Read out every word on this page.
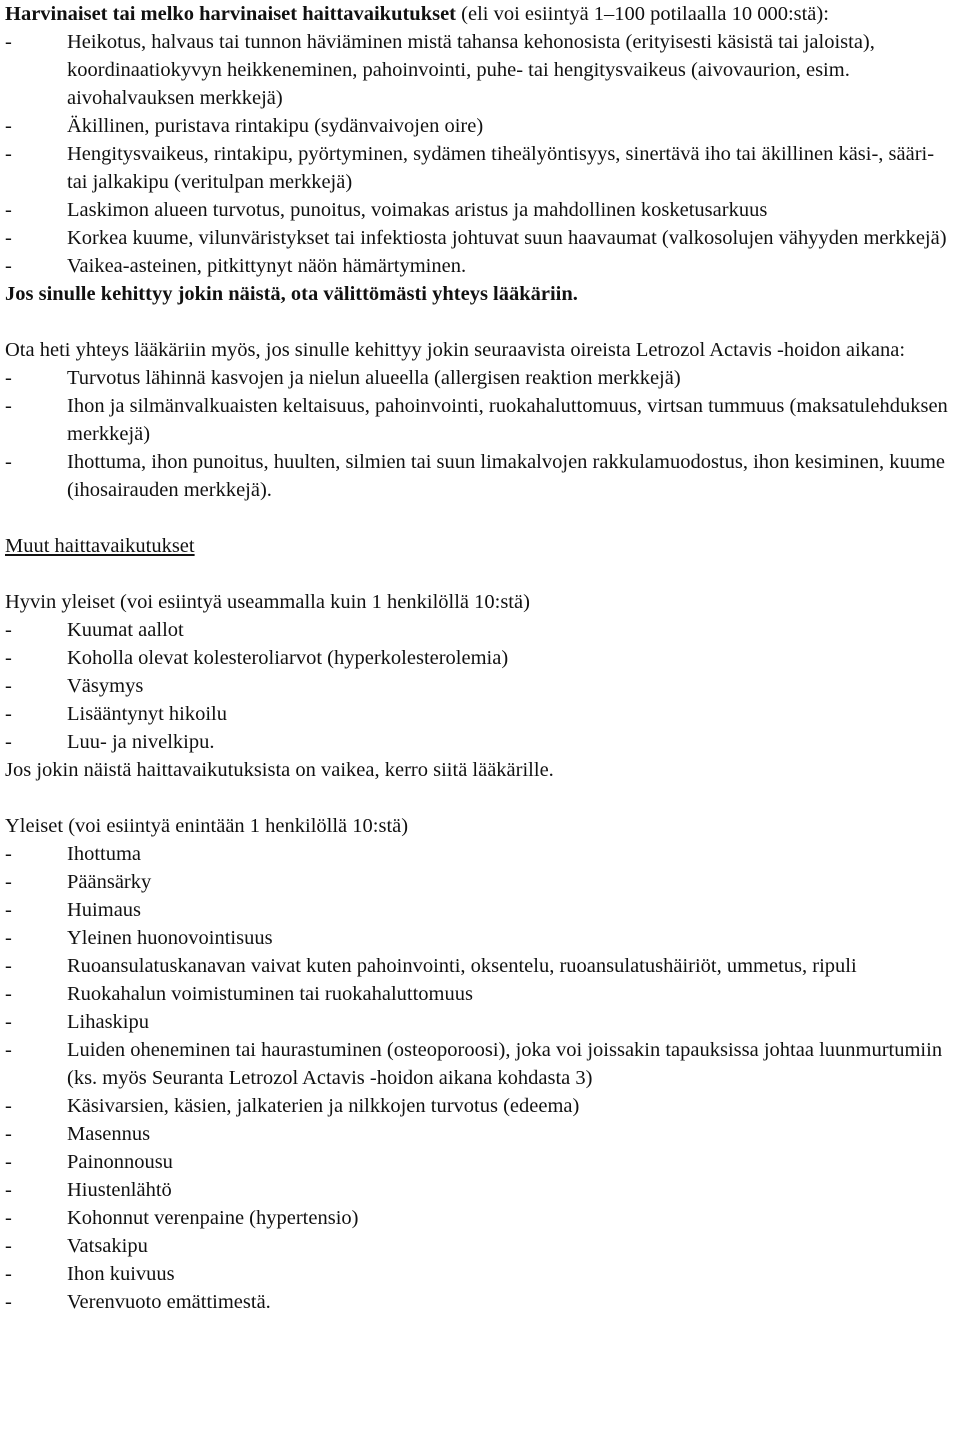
Harvinaiset tai melko harvinaiset haittavaikutukset (eli voi esiintyä 1–100 potilaalla 10 000:stä):

-	Heikotus, halvaus tai tunnon häviäminen mistä tahansa kehonosista (erityisesti käsistä tai jaloista), koordinaatiokyvyn heikkeneminen, pahoinvointi, puhe- tai hengitysvaikeus (aivovaurion, esim. aivohalvauksen merkkejä)

-	Äkillinen, puristava rintakipu (sydänvaivojen oire)

-	Hengitysvaikeus, rintakipu, pyörtyminen, sydämen tiheälyöntisyys, sinertävä iho tai äkillinen käsi-, sääri- tai jalkakipu (veritulpan merkkejä)

-	Laskimon alueen turvotus, punoitus, voimakas aristus ja mahdollinen kosketusarkuus

-	Korkea kuume, vilunväristykset tai infektiosta johtuvat suun haavaumat (valkosolujen vähyyden merkkejä)

-	Vaikea-asteinen, pitkittynyt näön hämärtyminen.

Jos sinulle kehittyy jokin näistä, ota välittömästi yhteys lääkäriin.

Ota heti yhteys lääkäriin myös, jos sinulle kehittyy jokin seuraavista oireista Letrozol Actavis -hoidon aikana:

-	Turvotus lähinnä kasvojen ja nielun alueella (allergisen reaktion merkkejä)

-	Ihon ja silmänvalkuaisten keltaisuus, pahoinvointi, ruokahaluttomuus, virtsan tummuus (maksatulehduksen merkkejä)

-	Ihottuma, ihon punoitus, huulten, silmien tai suun limakalvojen rakkulamuodostus, ihon kesiminen, kuume (ihosairauden merkkejä).

Muut haittavaikutukset

Hyvin yleiset (voi esiintyä useammalla kuin 1 henkilöllä 10:stä)

-	Kuumat aallot

-	Koholla olevat kolesteroliarvot (hyperkolesterolemia)

-	Väsymys

-	Lisääntynyt hikoilu

-	Luu- ja nivelkipu.

Jos jokin näistä haittavaikutuksista on vaikea, kerro siitä lääkärille.

Yleiset (voi esiintyä enintään 1 henkilöllä 10:stä)

-	Ihottuma

-	Päänsärky

-	Huimaus

-	Yleinen huonovointisuus

-	Ruoansulatuskanavan vaivat kuten pahoinvointi, oksentelu, ruoansulatushäiriöt, ummetus, ripuli

-	Ruokahalun voimistuminen tai ruokahaluttomuus

-	Lihaskipu

-	Luiden oheneminen tai haurastuminen (osteoporoosi), joka voi joissakin tapauksissa johtaa luunmurtumiin (ks. myös Seuranta Letrozol Actavis -hoidon aikana kohdasta 3)

-	Käsivarsien, käsien, jalkaterien ja nilkkojen turvotus (edeema)

-	Masennus

-	Painonnousu

-	Hiustenlähtö

-	Kohonnut verenpaine (hypertensio)

-	Vatsakipu

-	Ihon kuivuus

-	Verenvuoto emättimestä.
